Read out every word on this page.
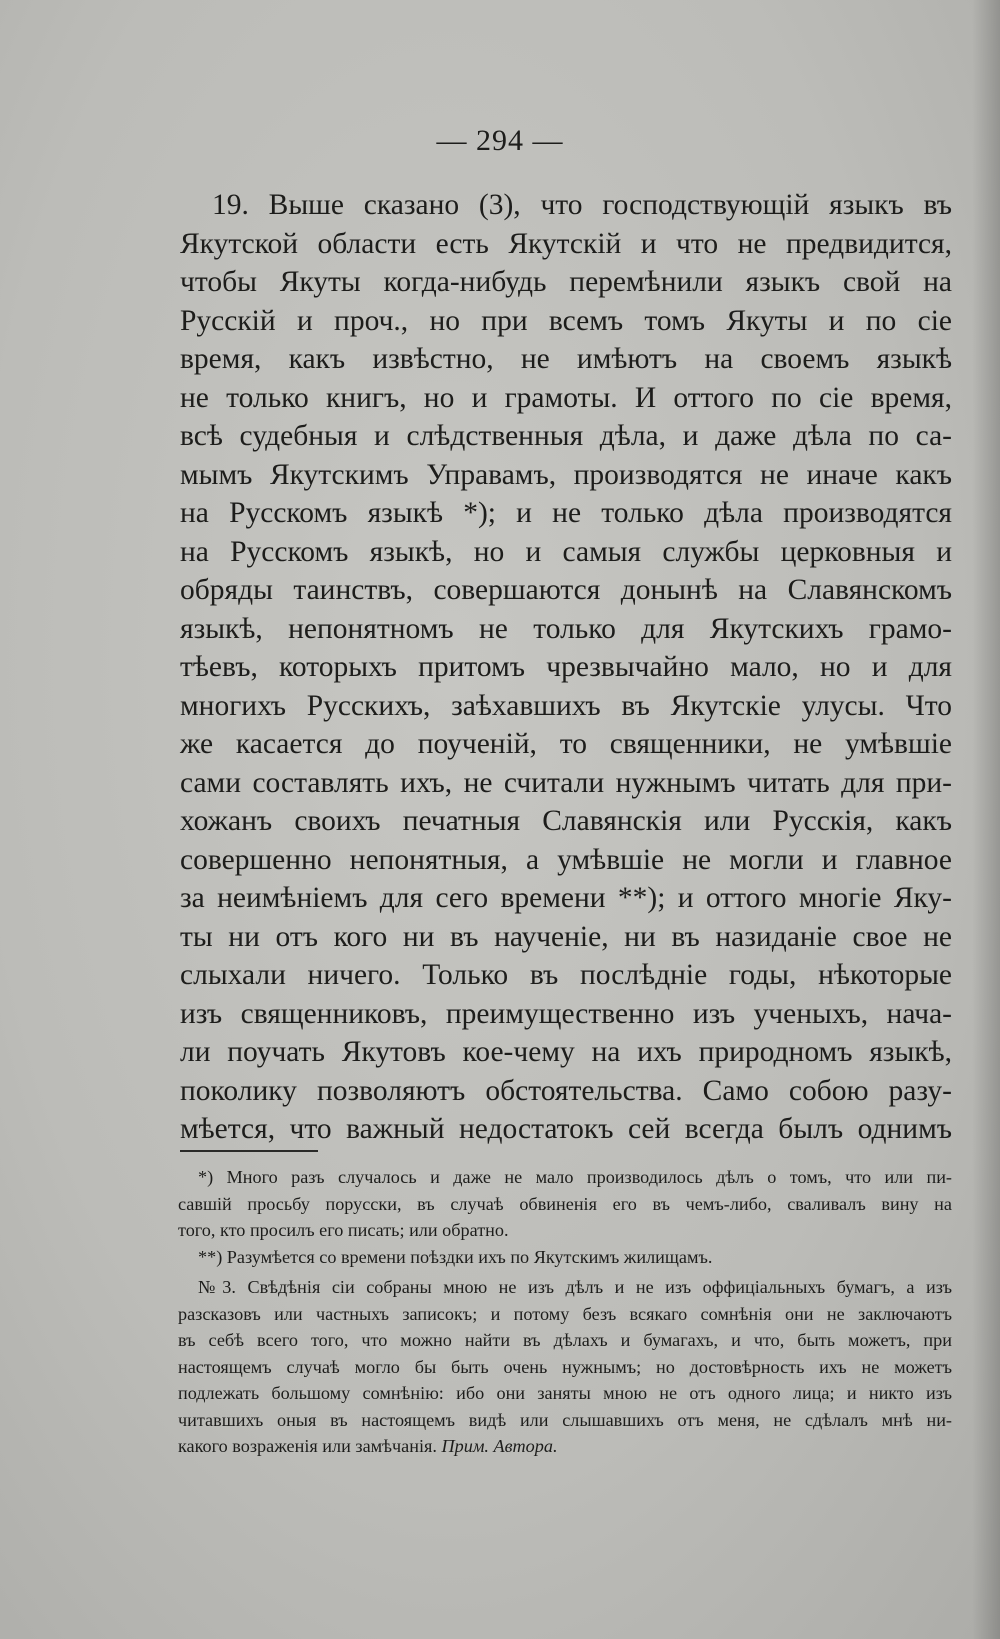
— 294 —
19. Выше сказано (3), что господствующій языкъ въ
Якутской области есть Якутскій и что не предвидится,
чтобы Якуты когда-нибудь перемѣнили языкъ свой на
Русскій и проч., но при всемъ томъ Якуты и по сіе
время, какъ извѣстно, не имѣютъ на своемъ языкѣ
не только книгъ, но и грамоты. И оттого по сіе время,
всѣ судебныя и слѣдственныя дѣла, и даже дѣла по са-
мымъ Якутскимъ Управамъ, производятся не иначе какъ
на Русскомъ языкѣ *); и не только дѣла производятся
на Русскомъ языкѣ, но и самыя службы церковныя и
обряды таинствъ, совершаются донынѣ на Славянскомъ
языкѣ, непонятномъ не только для Якутскихъ грамо-
тѣевъ, которыхъ притомъ чрезвычайно мало, но и для
многихъ Русскихъ, заѣхавшихъ въ Якутскіе улусы. Что
же касается до поученій, то священники, не умѣвшіе
сами составлять ихъ, не считали нужнымъ читать для при-
хожанъ своихъ печатныя Славянскія или Русскія, какъ
совершенно непонятныя, а умѣвшіе не могли и главное
за неимѣніемъ для сего времени **); и оттого многіе Яку-
ты ни отъ кого ни въ наученіе, ни въ назиданіе свое не
слыхали ничего. Только въ послѣдніе годы, нѣкоторые
изъ священниковъ, преимущественно изъ ученыхъ, нача-
ли поучать Якутовъ кое-чему на ихъ природномъ языкѣ,
поколику позволяютъ обстоятельства. Само собою разу-
мѣется, что важный недостатокъ сей всегда былъ однимъ
*) Много разъ случалось и даже не мало производилось дѣлъ о томъ, что или пи-
савшій просьбу порусски, въ случаѣ обвиненія его въ чемъ-либо, сваливалъ вину на
того, кто просилъ его писать; или обратно.
**) Разумѣется со времени поѣздки ихъ по Якутскимъ жилищамъ.
№3. Свѣдѣнія сіи собраны мною не изъ дѣлъ и не изъ оффиціальныхъ бумагъ, а изъ
разсказовъ или частныхъ записокъ; и потому безъ всякаго сомнѣнія они не заключаютъ
въ себѣ всего того, что можно найти въ дѣлахъ и бумагахъ, и что, быть можетъ, при
настоящемъ случаѣ могло бы быть очень нужнымъ; но достовѣрность ихъ не можетъ
подлежать большому сомнѣнію: ибо они заняты мною не отъ одного лица; и никто изъ
читавшихъ оныя въ настоящемъ видѣ или слышавшихъ отъ меня, не сдѣлалъ мнѣ ни-
какого возраженія или замѣчанія. Прим. Автора.
